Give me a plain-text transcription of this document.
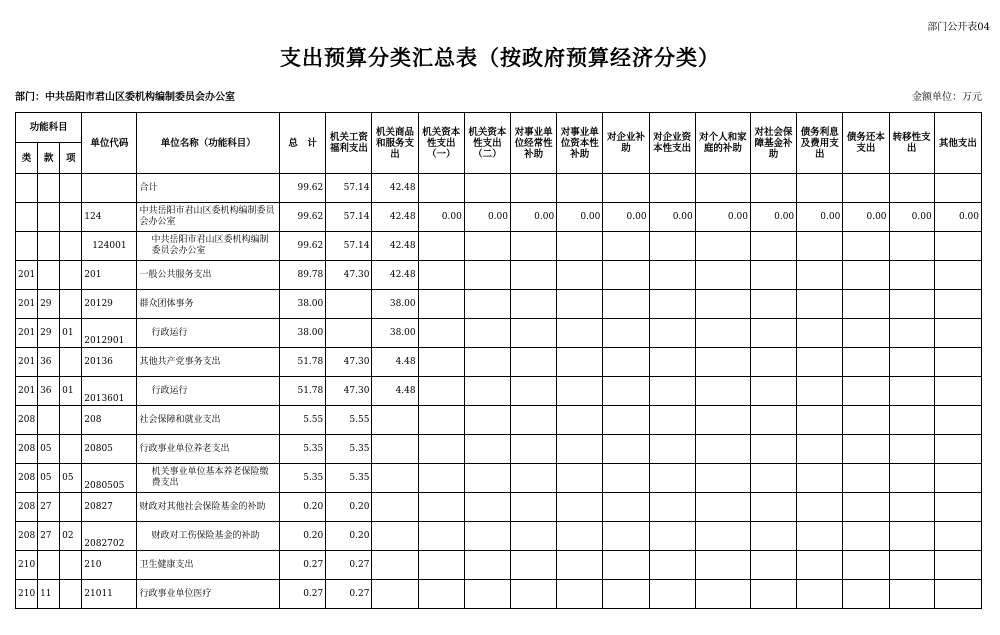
部门公开表04
支出预算分类汇总表（按政府预算经济分类）
部门：中共岳阳市君山区委机构编制委员会办公室	金额单位：万元
功能科目			单位代码	单位名称（功能科目）	总　计	机关工资福利支出	机关商品和服务支出	机关资本性支出（一）	机关资本性支出（二）	对事业单位经常性补助	对事业单位资本性补助	对企业补助	对企业资本性支出	对个人和家庭的补助	对社会保障基金补助	债务利息及费用支出	债务还本支出	转移性支出	其他支出
类	款	项																	
				合计	99.62	57.14	42.48												
			124	中共岳阳市君山区委机构编制委员会办公室	99.62	57.14	42.48	0.00	0.00	0.00	0.00	0.00	0.00	0.00	0.00	0.00	0.00	0.00	0.00
			124001	中共岳阳市君山区委机构编制委员会办公室	99.62	57.14	42.48												
201			201	一般公共服务支出	89.78	47.30	42.48												
201	29		20129	群众团体事务	38.00		38.00												
201	29	01	2012901	行政运行	38.00		38.00												
201	36		20136	其他共产党事务支出	51.78	47.30	4.48												
201	36	01	2013601	行政运行	51.78	47.30	4.48												
208			208	社会保障和就业支出	5.55	5.55													
208	05		20805	行政事业单位养老支出	5.35	5.35													
208	05	05	2080505	机关事业单位基本养老保险缴费支出	5.35	5.35													
208	27		20827	财政对其他社会保险基金的补助	0.20	0.20													
208	27	02	2082702	财政对工伤保险基金的补助	0.20	0.20													
210			210	卫生健康支出	0.27	0.27													
210	11		21011	行政事业单位医疗	0.27	0.27													
